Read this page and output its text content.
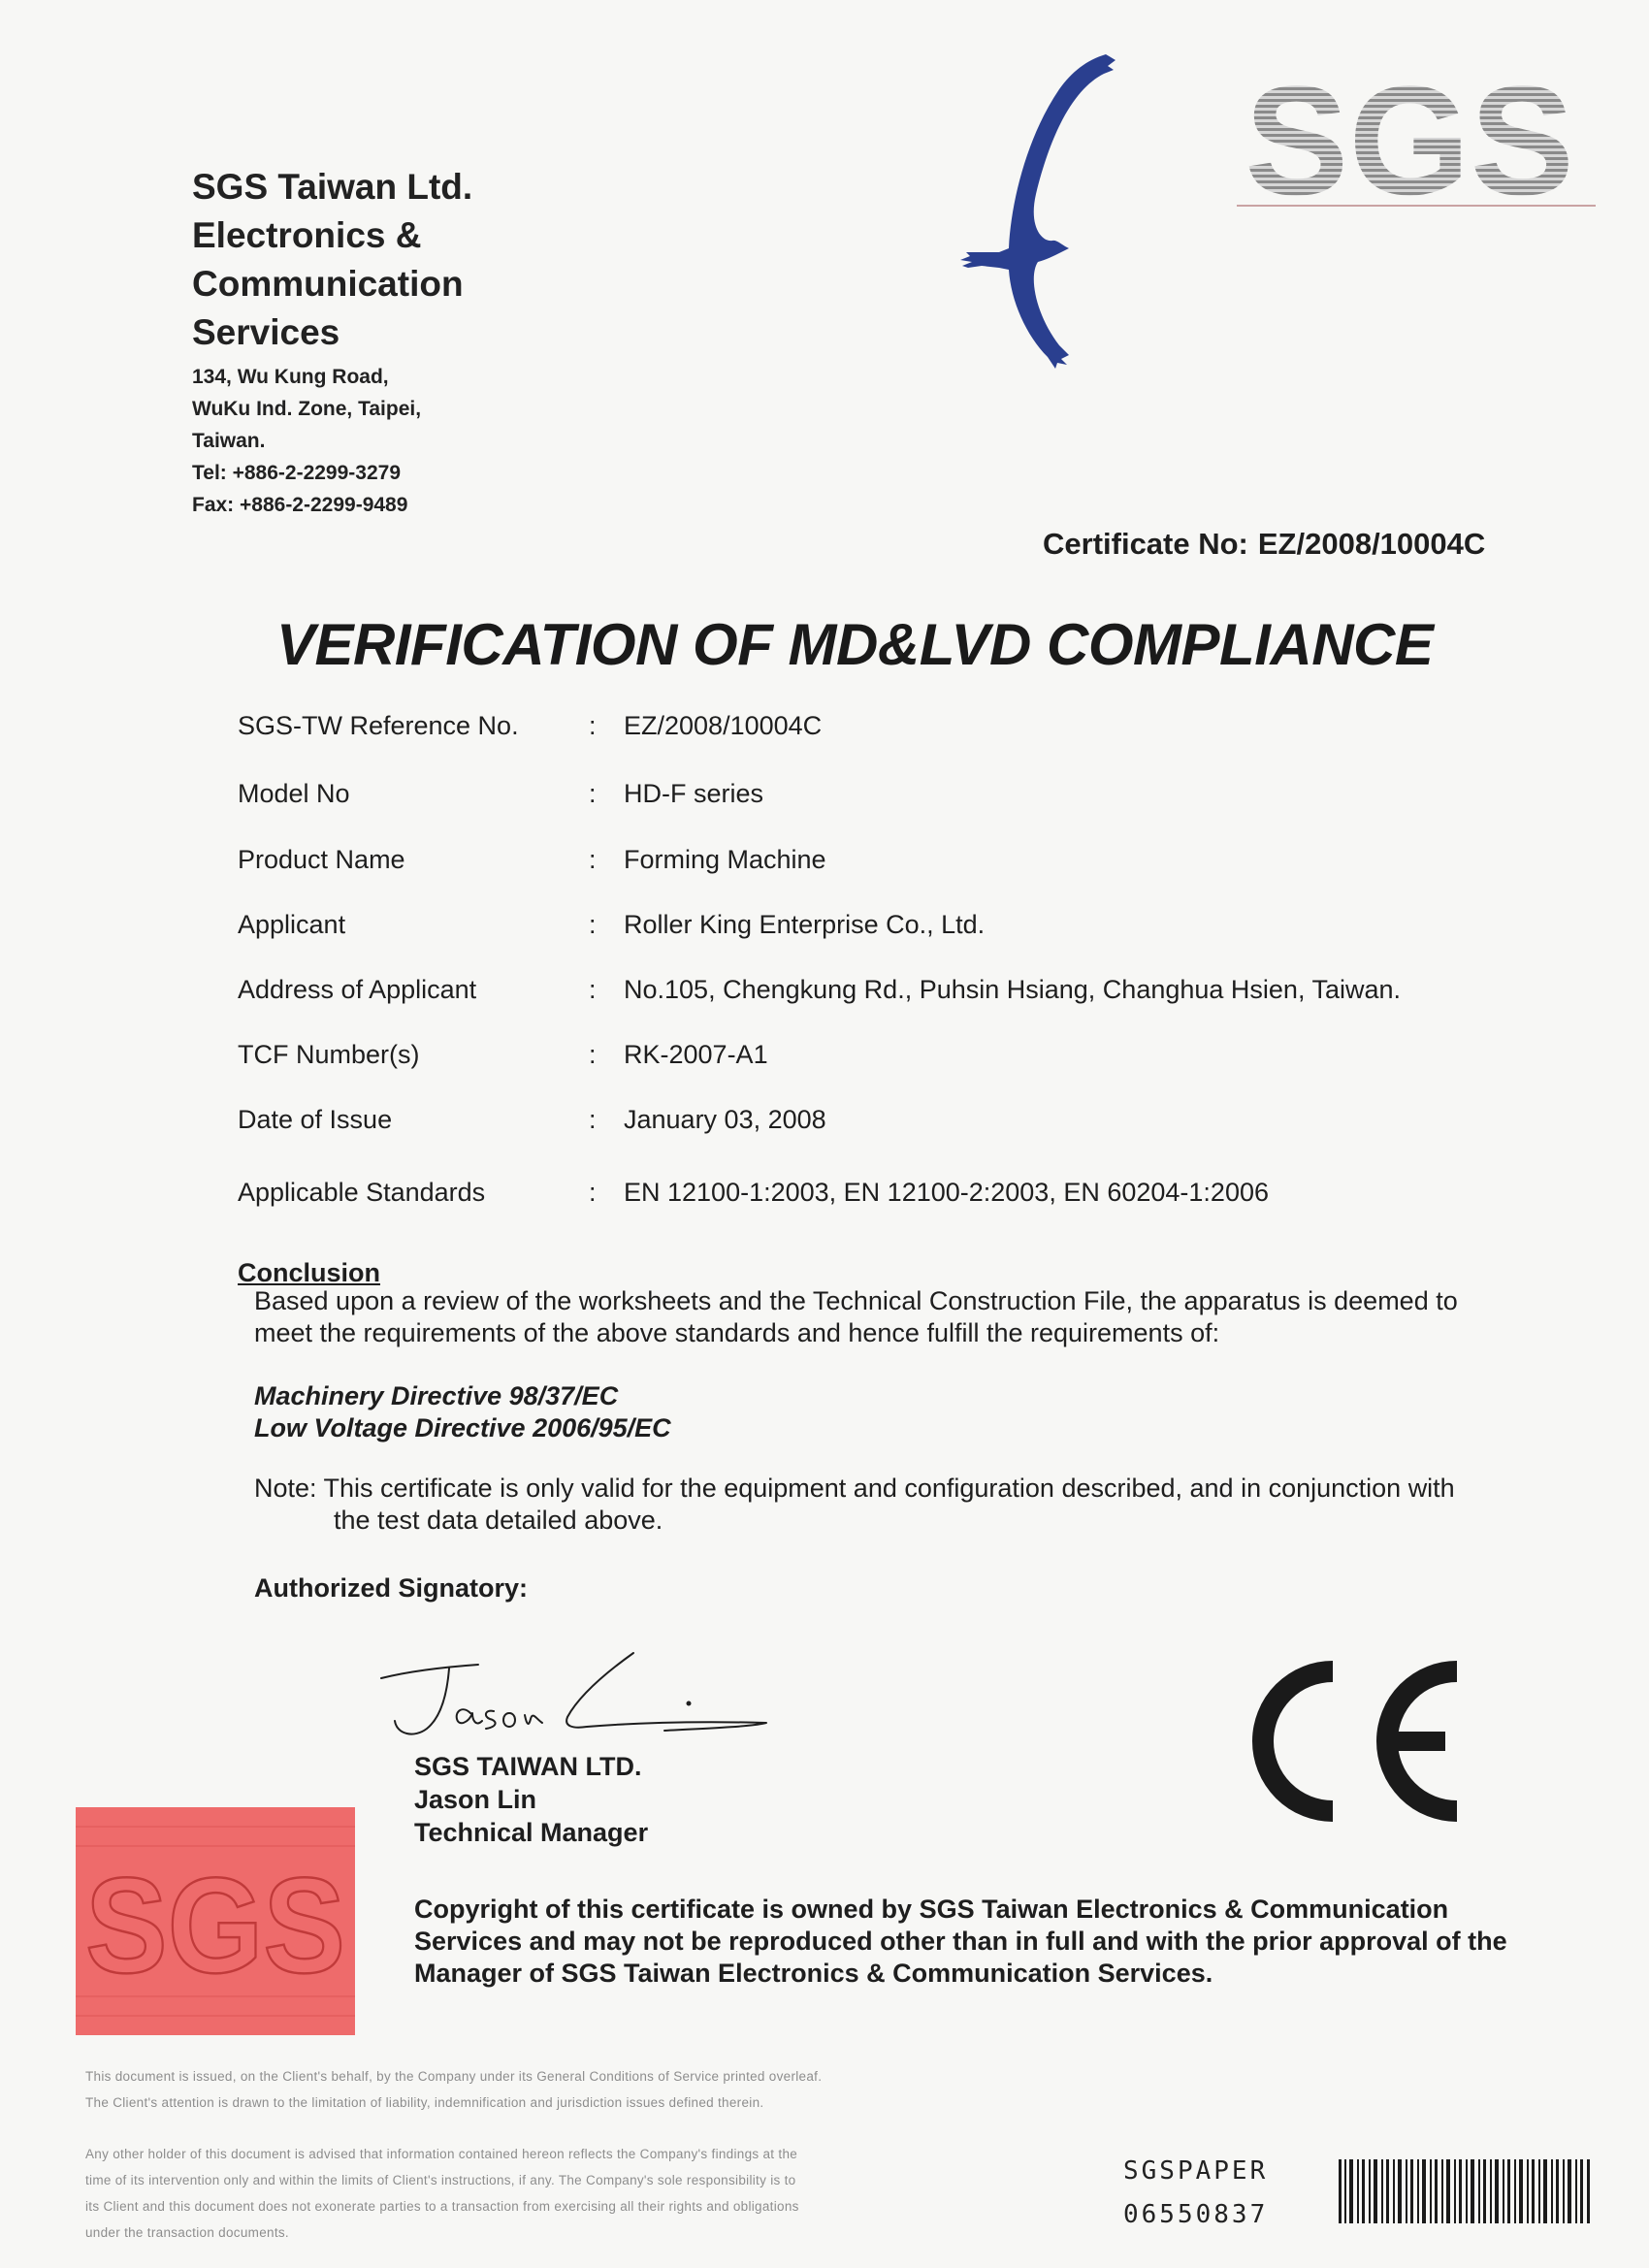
SGS Taiwan Ltd.
Electronics &
Communication
Services
134, Wu Kung Road,
WuKu Ind. Zone, Taipei,
Taiwan.
Tel: +886-2-2299-3279
Fax: +886-2-2299-9489
SGS
Certificate No: EZ/2008/10004C
VERIFICATION OF MD&LVD COMPLIANCE
SGS-TW Reference No.	: EZ/2008/10004C
Model No	: HD-F series
Product Name	: Forming Machine
Applicant	: Roller King Enterprise Co., Ltd.
Address of Applicant	: No.105, Chengkung Rd., Puhsin Hsiang, Changhua Hsien, Taiwan.
TCF Number(s)	: RK-2007-A1
Date of Issue	: January 03, 2008
Applicable Standards	: EN 12100-1:2003, EN 12100-2:2003, EN 60204-1:2006
Conclusion
Based upon a review of the worksheets and the Technical Construction File, the apparatus is deemed to meet the requirements of the above standards and hence fulfill the requirements of:
Machinery Directive 98/37/EC
Low Voltage Directive 2006/95/EC
Note: This certificate is only valid for the equipment and configuration described, and in conjunction with
the test data detailed above.
Authorized Signatory:
SGS TAIWAN LTD.
Jason Lin
Technical Manager
SGS	Copyright of this certificate is owned by SGS Taiwan Electronics & Communication Services and may not be reproduced other than in full and with the prior approval of the Manager of SGS Taiwan Electronics & Communication Services.
This document is issued, on the Client's behalf, by the Company under its General Conditions of Service printed overleaf.
The Client's attention is drawn to the limitation of liability, indemnification and jurisdiction issues defined therein.
Any other holder of this document is advised that information contained hereon reflects the Company's findings at the
time of its intervention only and within the limits of Client's instructions, if any. The Company's sole responsibility is to
its Client and this document does not exonerate parties to a transaction from exercising all their rights and obligations
under the transaction documents.
SGSPAPER
06550837
